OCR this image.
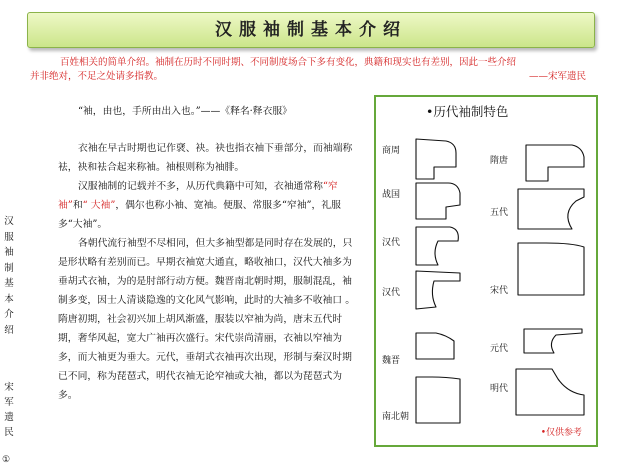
汉服袖制基本介绍
百姓相关的简单介绍。袖制在历时不同时期、不同制度场合下多有变化，典籍和现实也有差别，因此一些介绍
并非绝对，不足之处请多指教。	——宋军遗民

“袖，由也，手所由出入也。”——《释名·释衣服》

衣袖在早古时期也记作褎、袂。袂也指衣袖下垂部分，而袖端称袪，袂和袪合起来称袖。袖根则称为袖腓。

汉服袖制的记载并不多，从历代典籍中可知，衣袖通常称“窄袖”和“ 大袖”，偶尔也称小袖、宽袖。便服、常服多“窄袖”，礼服多“大袖”。

各朝代流行袖型不尽相同，但大多袖型都是同时存在发展的，只是形状略有差别而已。早期衣袖宽大通直，略收袖口，汉代大袖多为垂胡式衣袖，为的是肘部行动方便。魏晋南北朝时期，服制混乱，袖制多变，因士人清谈隐逸的文化风气影响，此时的大袖多不收袖口 。隋唐初期，社会初兴加上胡风渐盛，服装以窄袖为尚，唐末五代时期，奢华风起，宽大广袖再次盛行。宋代崇尚清丽，衣袖以窄袖为多，而大袖更为垂大。元代，垂胡式衣袖再次出现，形制与秦汉时期已不同，称为琵琶式，明代衣袖无论窄袖或大袖，都以为琵琶式为多。

汉
服
袖
制
基
本
介
绍
宋
军
遗
民
①
•历代袖制特色
商周
战国
汉代
汉代
魏晋
南北朝
隋唐
五代
宋代
元代
明代
•仅供参考
